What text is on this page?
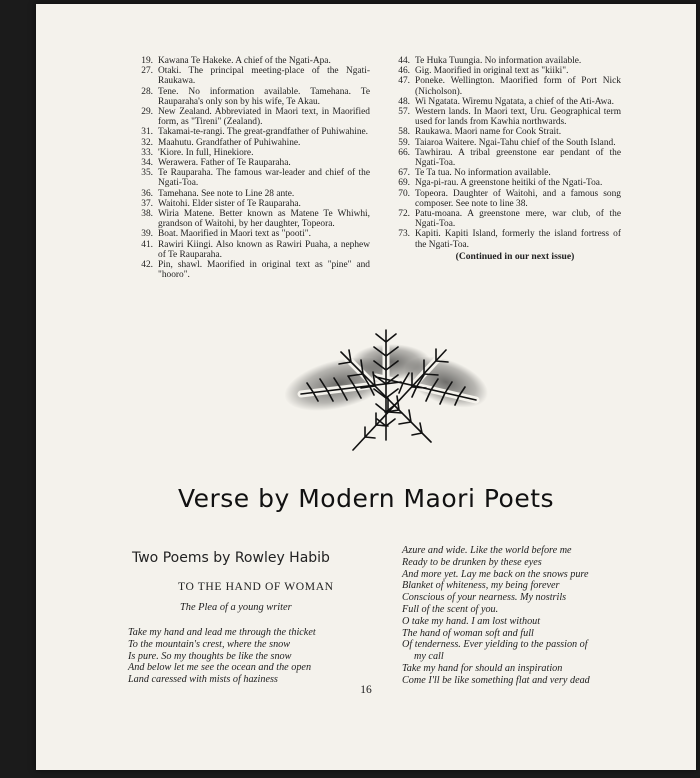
19. Kawana Te Hakeke. A chief of the Ngati-Apa.
27. Otaki. The principal meeting-place of the Ngati-Raukawa.
28. Tene. No information available. Tamehana. Te Rauparaha's only son by his wife, Te Akau.
29. New Zealand. Abbreviated in Maori text, in Maorified form, as "Tireni" (Zealand).
31. Takamai-te-rangi. The great-grandfather of Puhiwahine.
32. Maahutu. Grandfather of Puhiwahine.
33. 'Kiore. In full, Hinekiore.
34. Werawera. Father of Te Rauparaha.
35. Te Rauparaha. The famous war-leader and chief of the Ngati-Toa.
36. Tamehana. See note to Line 28 ante.
37. Waitohi. Elder sister of Te Rauparaha.
38. Wiria Matene. Better known as Matene Te Whiwhi, grandson of Waitohi, by her daughter, Topeora.
39. Boat. Maorified in Maori text as "pooti".
41. Rawiri Kiingi. Also known as Rawiri Puaha, a nephew of Te Rauparaha.
42. Pin, shawl. Maorified in original text as "pine" and "hooro".
44. Te Huka Tuungia. No information available.
46. Gig. Maorified in original text as "kiiki".
47. Poneke. Wellington. Maorified form of Port Nick (Nicholson).
48. Wi Ngatata. Wiremu Ngatata, a chief of the Ati-Awa.
57. Western lands. In Maori text, Uru. Geographical term used for lands from Kawhia northwards.
58. Raukawa. Maori name for Cook Strait.
59. Taiaroa Waitere. Ngai-Tahu chief of the South Island.
66. Tawhirau. A tribal greenstone ear pendant of the Ngati-Toa.
67. Te Ta tua. No information available.
69. Nga-pi-rau. A greenstone heitiki of the Ngati-Toa.
70. Topeora. Daughter of Waitohi, and a famous song composer. See note to line 38.
72. Patu-moana. A greenstone mere, war club, of the Ngati-Toa.
73. Kapiti. Kapiti Island, formerly the island fortress of the Ngati-Toa.
(Continued in our next issue)
Verse by Modern Maori Poets
Two Poems by Rowley Habib
TO THE HAND OF WOMAN
The Plea of a young writer
Take my hand and lead me through the thicket
To the mountain's crest, where the snow
Is pure. So my thoughts be like the snow
And below let me see the ocean and the open
Land caressed with mists of haziness
Azure and wide. Like the world before me
Ready to be drunken by these eyes
And more yet. Lay me back on the snows pure
Blanket of whiteness, my being forever
Conscious of your nearness. My nostrils
Full of the scent of you.
O take my hand. I am lost without
The hand of woman soft and full
Of tenderness. Ever yielding to the passion of
my call
Take my hand for should an inspiration
Come I'll be like something flat and very dead
16
